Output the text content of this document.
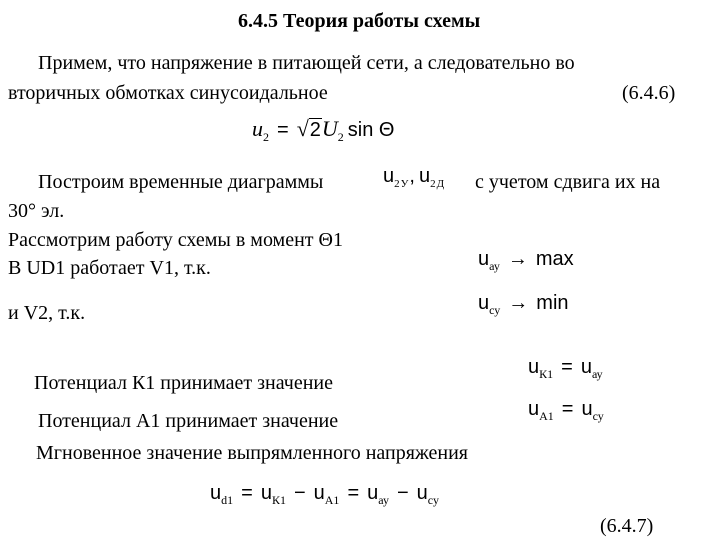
6.4.5 Теория работы схемы
Примем, что напряжение в питающей сети, а следовательно во
вторичных обмотках синусоидальное	(6.4.6)
$u_2 = √2U_2$ sin Θ
Построим временные диаграммы	$u_{2У}$, $u_{2Д}$ с учетом сдвига их на
30° эл.
Рассмотрим работу схемы в момент Θ1
В UD1 работает V1, т.к.	$u_{ау} \to \max$
и V2, т.к.	$u_{су} \to \min$
Потенциал К1 принимает значение
$u_{К1} = u_{ау}$
Потенциал А1 принимает значение
$u_{А1} = u_{су}$
Мгновенное значение выпрямленного напряжения
$u_{d1} = u_{К1} - u_{А1} = u_{ау} - u_{су}$
(6.4.7)
